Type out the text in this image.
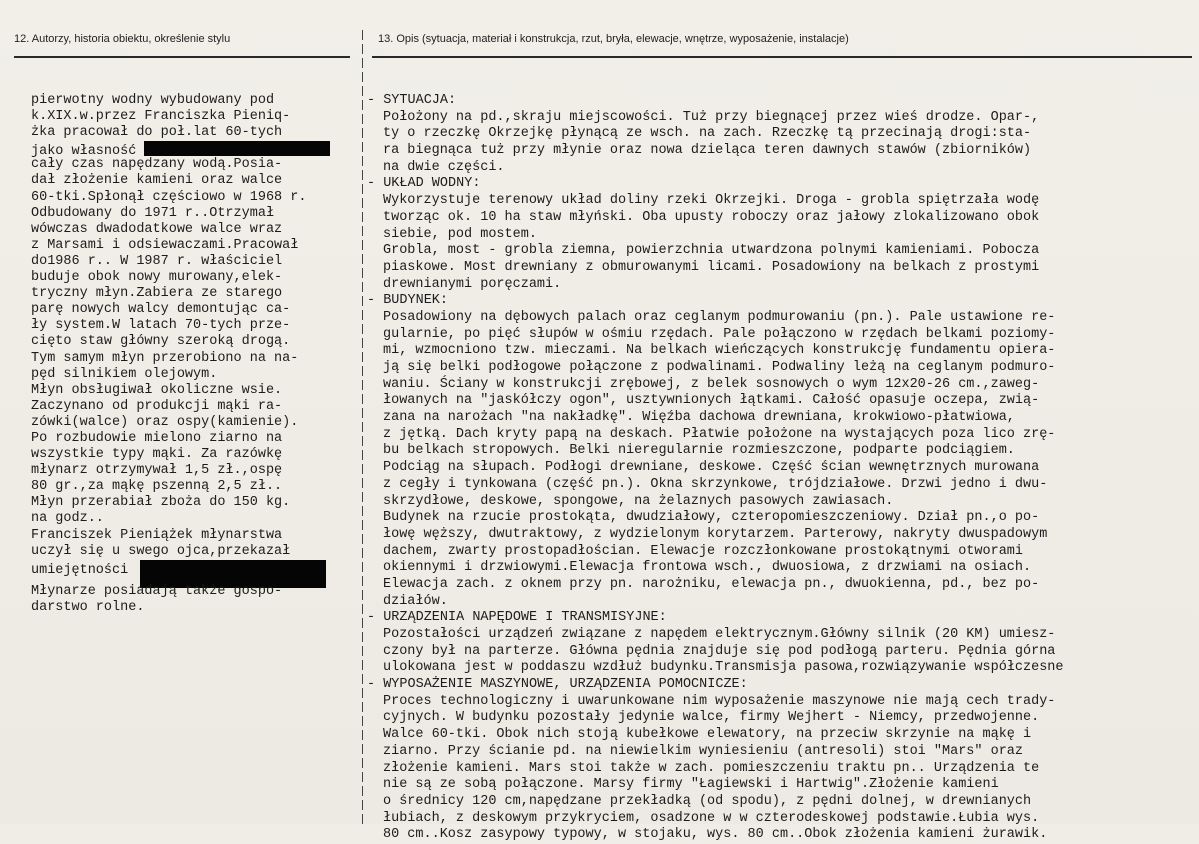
12. Autorzy, historia obiektu, określenie stylu	13. Opis (sytuacja, materiał i konstrukcja, rzut, bryła, elewacje, wnętrze, wyposażenie, instalacje)
pierwotny wodny wybudowany pod
k.XIX.w.przez Franciszka Pieniq-
żka pracował do poł.lat 60-tych
jako własność
cały czas napędzany wodą.Posia-
dał złożenie kamieni oraz walce
60-tki.Spłonął częściowo w 1968 r.
Odbudowany do 1971 r..Otrzymał
wówczas dwadodatkowe walce wraz
z Marsami i odsiewaczami.Pracował
do1986 r.. W 1987 r. właściciel
buduje obok nowy murowany,elek-
tryczny młyn.Zabiera ze starego
parę nowych walcy demontując ca-
ły system.W latach 70-tych prze-
cięto staw główny szeroką drogą.
Tym samym młyn przerobiono na na-
pęd silnikiem olejowym.
Młyn obsługiwał okoliczne wsie.
Zaczynano od produkcji mąki ra-
zówki(walce) oraz ospy(kamienie).
Po rozbudowie mielono ziarno na
wszystkie typy mąki. Za razówkę
młynarz otrzymywał 1,5 zł.,ospę
80 gr.,za mąkę pszenną 2,5 zł..
Młyn przerabiał zboża do 150 kg.
na godz..
Franciszek Pieniążek młynarstwa
uczył się u swego ojca,przekazał
umiejętności
Młynarze posiadają także gospo-
darstwo rolne.
- SYTUACJA:
Położony na pd.,skraju miejscowości. Tuż przy biegnącej przez wieś drodze. Opar-,
ty o rzeczkę Okrzejkę płynącą ze wsch. na zach. Rzeczkę tą przecinają drogi:sta-
ra biegnąca tuż przy młynie oraz nowa dzieląca teren dawnych stawów (zbiorników)
na dwie części.
- UKŁAD WODNY:
Wykorzystuje terenowy układ doliny rzeki Okrzejki. Droga - grobla spiętrzała wodę
tworząc ok. 10 ha staw młyński. Oba upusty roboczy oraz jałowy zlokalizowano obok
siebie, pod mostem.
Grobla, most - grobla ziemna, powierzchnia utwardzona polnymi kamieniami. Pobocza
piaskowe. Most drewniany z obmurowanymi licami. Posadowiony na belkach z prostymi
drewnianymi poręczami.
- BUDYNEK:
Posadowiony na dębowych palach oraz ceglanym podmurowaniu (pn.). Pale ustawione re-
gularnie, po pięć słupów w ośmiu rzędach. Pale połączono w rzędach belkami poziomy-
mi, wzmocniono tzw. mieczami. Na belkach wieńczących konstrukcję fundamentu opiera-
ją się belki podłogowe połączone z podwalinami. Podwaliny leżą na ceglanym podmuro-
waniu. Ściany w konstrukcji zrębowej, z belek sosnowych o wym 12x20-26 cm.,zaweg-
łowanych na "jaskółczy ogon", usztywnionych łątkami. Całość opasuje oczepa, zwią-
zana na narożach "na nakładkę". Więźba dachowa drewniana, krokwiowo-płatwiowa,
z jętką. Dach kryty papą na deskach. Płatwie położone na wystających poza lico zrę-
bu belkach stropowych. Belki nieregularnie rozmieszczone, podparte podciągiem.
Podciąg na słupach. Podłogi drewniane, deskowe. Część ścian wewnętrznych murowana
z cegły i tynkowana (część pn.). Okna skrzynkowe, trójdziałowe. Drzwi jedno i dwu-
skrzydłowe, deskowe, spongowe, na żelaznych pasowych zawiasach.
Budynek na rzucie prostokąta, dwudziałowy, czteropomieszczeniowy. Dział pn.,o po-
łowę węższy, dwutraktowy, z wydzielonym korytarzem. Parterowy, nakryty dwuspadowym
dachem, zwarty prostopadłościan. Elewacje rozczłonkowane prostokątnymi otworami
okiennymi i drzwiowymi.Elewacja frontowa wsch., dwuosiowa, z drzwiami na osiach.
Elewacja zach. z oknem przy pn. narożniku, elewacja pn., dwuokienna, pd., bez po-
działów.
- URZĄDZENIA NAPĘDOWE I TRANSMISYJNE:
Pozostałości urządzeń związane z napędem elektrycznym.Główny silnik (20 KM) umiesz-
czony był na parterze. Główna pędnia znajduje się pod podłogą parteru. Pędnia górna
ulokowana jest w poddaszu wzdłuż budynku.Transmisja pasowa,rozwiązywanie współczesne
- WYPOSAŻENIE MASZYNOWE, URZĄDZENIA POMOCNICZE:
Proces technologiczny i uwarunkowane nim wyposażenie maszynowe nie mają cech trady-
cyjnych. W budynku pozostały jedynie walce, firmy Wejhert - Niemcy, przedwojenne.
Walce 60-tki. Obok nich stoją kubełkowe elewatory, na przeciw skrzynie na mąkę i
ziarno. Przy ścianie pd. na niewielkim wyniesieniu (antresoli) stoi "Mars" oraz
złożenie kamieni. Mars stoi także w zach. pomieszczeniu traktu pn.. Urządzenia te
nie są ze sobą połączone. Marsy firmy "Łagiewski i Hartwig".Złożenie kamieni
o średnicy 120 cm,napędzane przekładką (od spodu), z pędni dolnej, w drewnianych
łubiach, z deskowym przykryciem, osadzone w w czterodeskowej podstawie.Łubia wys.
80 cm..Kosz zasypowy typowy, w stojaku, wys. 80 cm..Obok złożenia kamieni żurawik.
